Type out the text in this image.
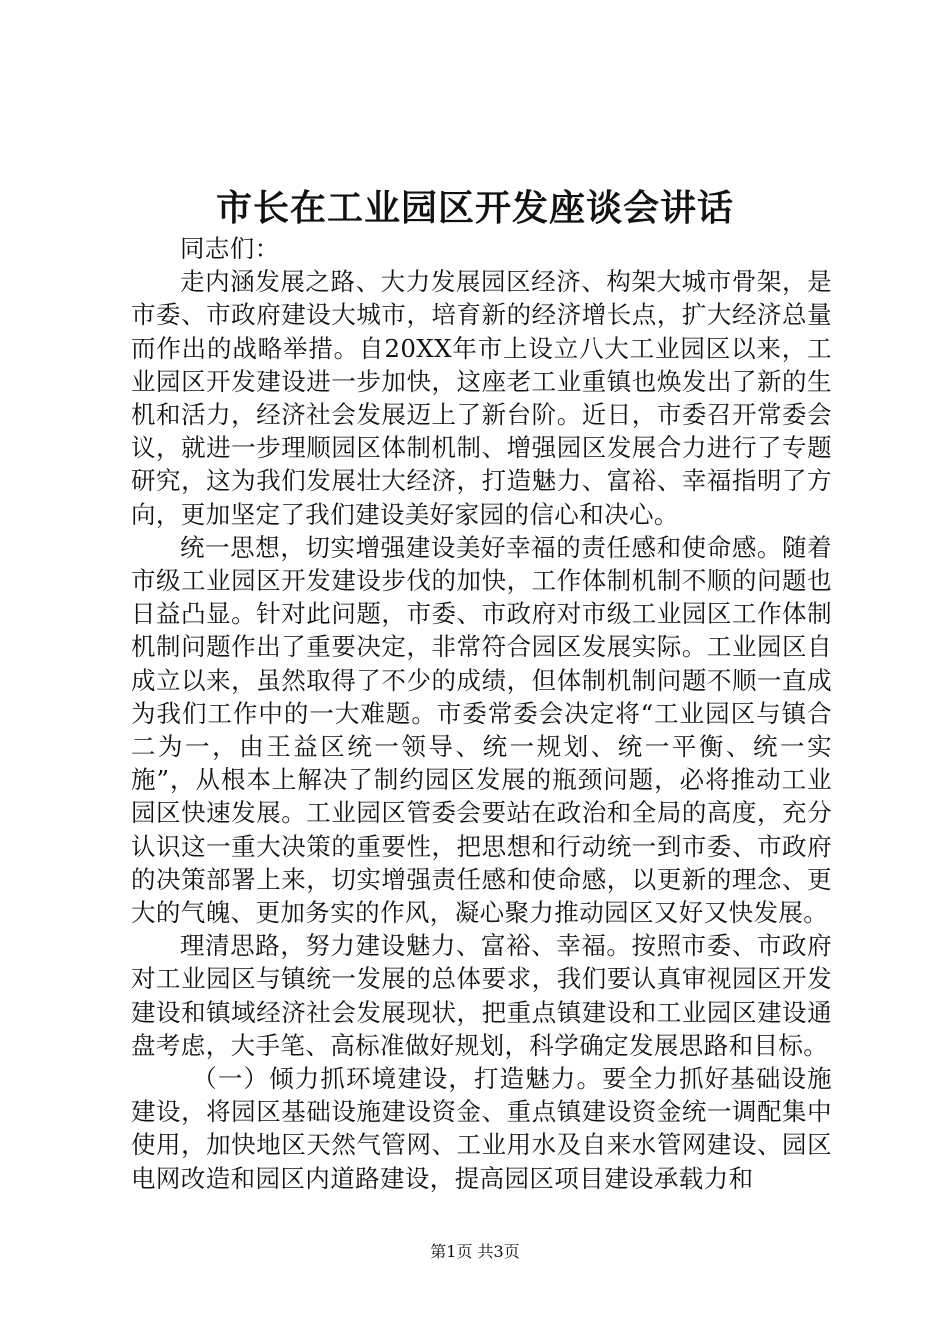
市长在工业园区开发座谈会讲话

同志们：

走内涵发展之路、大力发展园区经济、构架大城市骨架，是市委、市政府建设大城市，培育新的经济增长点，扩大经济总量而作出的战略举措。自20XX年市上设立八大工业园区以来，工业园区开发建设进一步加快，这座老工业重镇也焕发出了新的生机和活力，经济社会发展迈上了新台阶。近日，市委召开常委会议，就进一步理顺园区体制机制、增强园区发展合力进行了专题研究，这为我们发展壮大经济，打造魅力、富裕、幸福指明了方向，更加坚定了我们建设美好家园的信心和决心。

统一思想，切实增强建设美好幸福的责任感和使命感。随着市级工业园区开发建设步伐的加快，工作体制机制不顺的问题也日益凸显。针对此问题，市委、市政府对市级工业园区工作体制机制问题作出了重要决定，非常符合园区发展实际。工业园区自成立以来，虽然取得了不少的成绩，但体制机制问题不顺一直成为我们工作中的一大难题。市委常委会决定将“工业园区与镇合二为一，由王益区统一领导、统一规划、统一平衡、统一实施”，从根本上解决了制约园区发展的瓶颈问题，必将推动工业园区快速发展。工业园区管委会要站在政治和全局的高度，充分认识这一重大决策的重要性，把思想和行动统一到市委、市政府的决策部署上来，切实增强责任感和使命感，以更新的理念、更大的气魄、更加务实的作风，凝心聚力推动园区又好又快发展。

理清思路，努力建设魅力、富裕、幸福。按照市委、市政府对工业园区与镇统一发展的总体要求，我们要认真审视园区开发建设和镇域经济社会发展现状，把重点镇建设和工业园区建设通盘考虑，大手笔、高标准做好规划，科学确定发展思路和目标。

（一）倾力抓环境建设，打造魅力。要全力抓好基础设施建设，将园区基础设施建设资金、重点镇建设资金统一调配集中使用，加快地区天然气管网、工业用水及自来水管网建设、园区电网改造和园区内道路建设，提高园区项目建设承载力和

第1页 共3页
